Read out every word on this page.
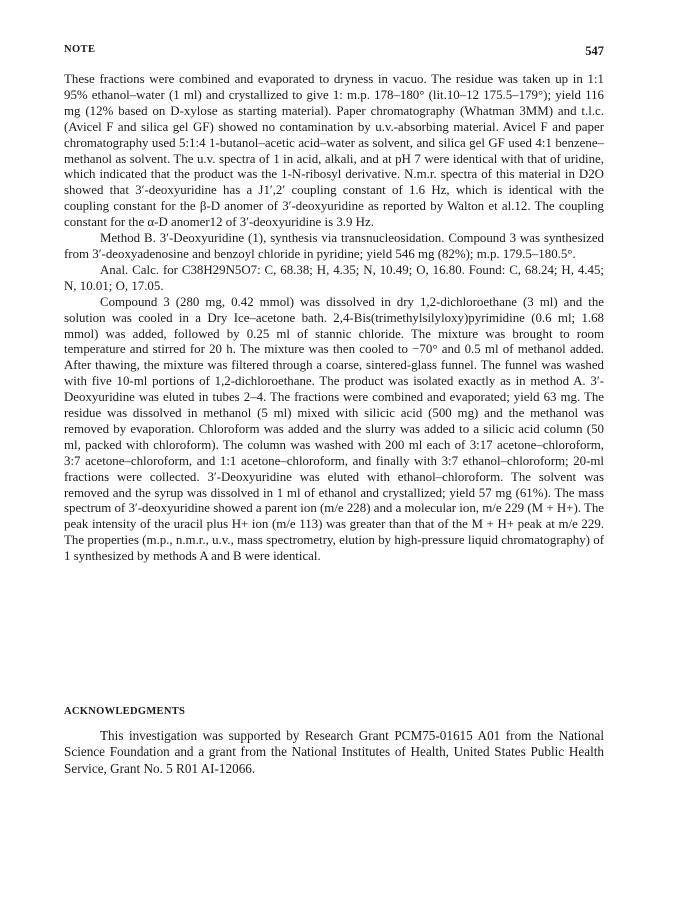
NOTE	547

These fractions were combined and evaporated to dryness in vacuo. The residue was taken up in 1:1 95% ethanol–water (1 ml) and crystallized to give 1: m.p. 178–180° (lit.10–12 175.5–179°); yield 116 mg (12% based on D-xylose as starting material). Paper chromatography (Whatman 3MM) and t.l.c. (Avicel F and silica gel GF) showed no contamination by u.v.-absorbing material. Avicel F and paper chromatography used 5:1:4 1-butanol–acetic acid–water as solvent, and silica gel GF used 4:1 benzene–methanol as solvent. The u.v. spectra of 1 in acid, alkali, and at pH 7 were identical with that of uridine, which indicated that the product was the 1-N-ribosyl derivative. N.m.r. spectra of this material in D2O showed that 3′-deoxyuridine has a J1′,2′ coupling constant of 1.6 Hz, which is identical with the coupling constant for the β-D anomer of 3′-deoxyuridine as reported by Walton et al.12. The coupling constant for the α-D anomer12 of 3′-deoxyuridine is 3.9 Hz.

Method B. 3′-Deoxyuridine (1), synthesis via transnucleosidation. Compound 3 was synthesized from 3′-deoxyadenosine and benzoyl chloride in pyridine; yield 546 mg (82%); m.p. 179.5–180.5°.

Anal. Calc. for C38H29N5O7: C, 68.38; H, 4.35; N, 10.49; O, 16.80. Found: C, 68.24; H, 4.45; N, 10.01; O, 17.05.

Compound 3 (280 mg, 0.42 mmol) was dissolved in dry 1,2-dichloroethane (3 ml) and the solution was cooled in a Dry Ice–acetone bath. 2,4-Bis(trimethylsilyloxy)pyrimidine (0.6 ml; 1.68 mmol) was added, followed by 0.25 ml of stannic chloride. The mixture was brought to room temperature and stirred for 20 h. The mixture was then cooled to −70° and 0.5 ml of methanol added. After thawing, the mixture was filtered through a coarse, sintered-glass funnel. The funnel was washed with five 10-ml portions of 1,2-dichloroethane. The product was isolated exactly as in method A. 3′-Deoxyuridine was eluted in tubes 2–4. The fractions were combined and evaporated; yield 63 mg. The residue was dissolved in methanol (5 ml) mixed with silicic acid (500 mg) and the methanol was removed by evaporation. Chloroform was added and the slurry was added to a silicic acid column (50 ml, packed with chloroform). The column was washed with 200 ml each of 3:17 acetone–chloroform, 3:7 acetone–chloroform, and 1:1 acetone–chloroform, and finally with 3:7 ethanol–chloroform; 20-ml fractions were collected. 3′-Deoxyuridine was eluted with ethanol–chloroform. The solvent was removed and the syrup was dissolved in 1 ml of ethanol and crystallized; yield 57 mg (61%). The mass spectrum of 3′-deoxyuridine showed a parent ion (m/e 228) and a molecular ion, m/e 229 (M + H+). The peak intensity of the uracil plus H+ ion (m/e 113) was greater than that of the M + H+ peak at m/e 229. The properties (m.p., n.m.r., u.v., mass spectrometry, elution by high-pressure liquid chromatography) of 1 synthesized by methods A and B were identical.

ACKNOWLEDGMENTS

This investigation was supported by Research Grant PCM75-01615 A01 from the National Science Foundation and a grant from the National Institutes of Health, United States Public Health Service, Grant No. 5 R01 AI-12066.
